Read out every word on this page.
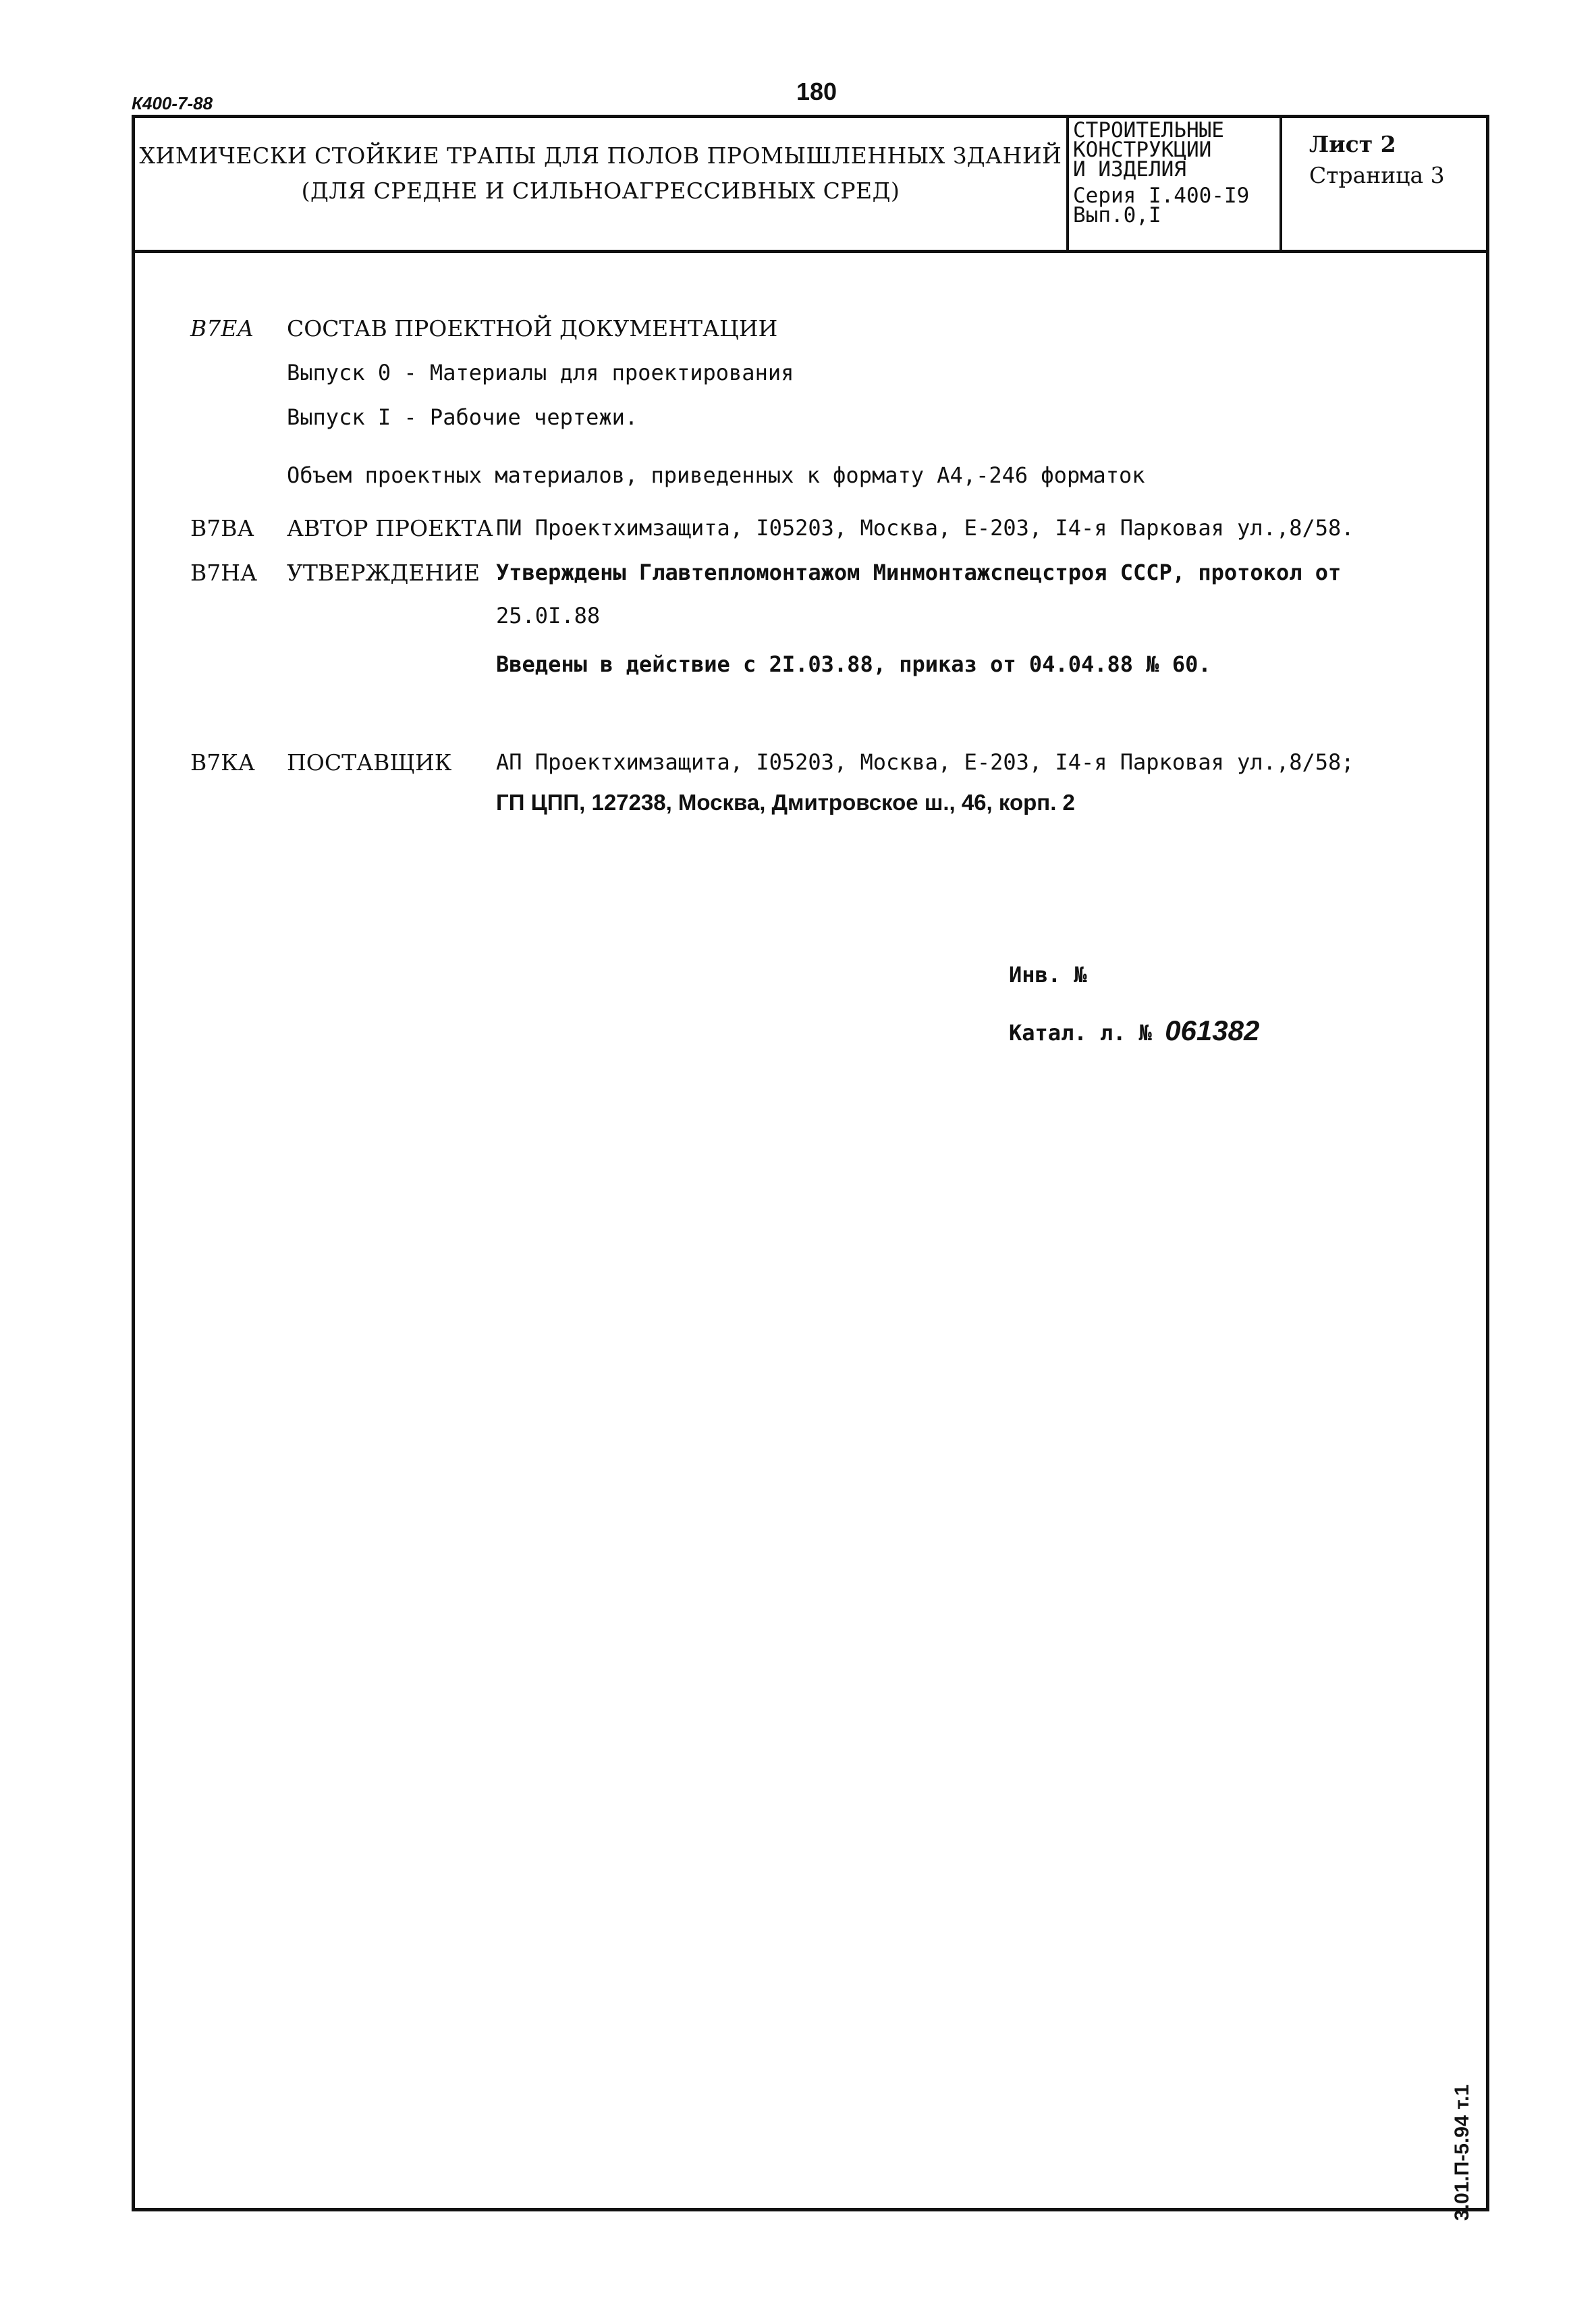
К400-7-88	180
ХИМИЧЕСКИ СТОЙКИЕ ТРАПЫ ДЛЯ ПОЛОВ ПРОМЫШЛЕННЫХ ЗДАНИЙ
(ДЛЯ СРЕДНЕ И СИЛЬНОАГРЕССИВНЫХ СРЕД)
СТРОИТЕЛЬНЫЕ
КОНСТРУКЦИИ
И ИЗДЕЛИЯ
Серия I.400-I9
Вып.0,I
Лист 2
Страница 3
В7ЕА СОСТАВ ПРОЕКТНОЙ ДОКУМЕНТАЦИИ
Выпуск 0 - Материалы для проектирования
Выпуск I - Рабочие чертежи.
Объем проектных материалов, приведенных к формату А4,-246 форматок
В7ВА АВТОР ПРОЕКТА ПИ Проектхимзащита, I05203, Москва, Е-203, I4-я Парковая ул.,8/58.
В7НА УТВЕРЖДЕНИЕ Утверждены Главтепломонтажом Минмонтажспецстроя СССР, протокол от
25.0I.88
Введены в действие с 2I.03.88, приказ от 04.04.88 № 60.
В7КА ПОСТАВЩИК АП Проектхимзащита, I05203, Москва, Е-203, I4-я Парковая ул.,8/58;
ГП ЦПП, 127238, Москва, Дмитровское ш., 46, корп. 2
Инв. №
Катал. л. № 061382
3.01.П-5.94 т.1
